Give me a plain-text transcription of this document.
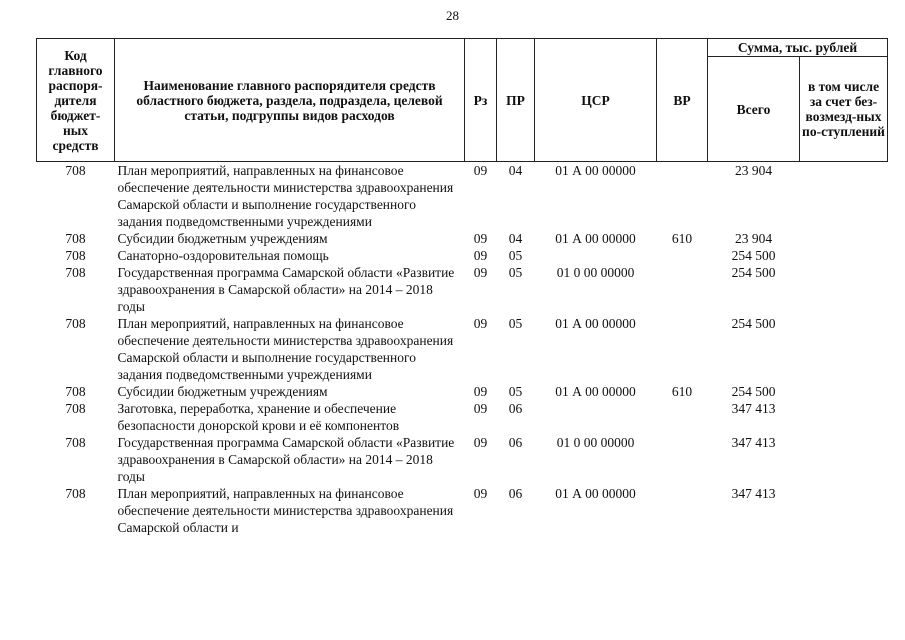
28
Код главного распоря-дителя бюджет-ных средств	Наименование главного распорядителя средств областного бюджета, раздела, подраздела, целевой статьи, подгруппы видов расходов	Рз	ПР	ЦСР	ВР	Сумма, тыс. рублей	
						Всего	в том числе за счет без-возмезд-ных по-ступлений
708	План мероприятий, направленных на финансовое обеспечение деятельности министерства здравоохранения Самарской области и выполнение государственного задания подведомственными учреждениями	09	04	01 А 00 00000		23 904	
708	Субсидии бюджетным учреждениям	09	04	01 А 00 00000	610	23 904	
708	Санаторно-оздоровительная помощь	09	05			254 500	
708	Государственная программа Самарской области «Развитие здравоохранения в Самарской области» на 2014 – 2018 годы	09	05	01 0 00 00000		254 500	
708	План мероприятий, направленных на финансовое обеспечение деятельности министерства здравоохранения Самарской области и выполнение государственного задания подведомственными учреждениями	09	05	01 А 00 00000		254 500	
708	Субсидии бюджетным учреждениям	09	05	01 А 00 00000	610	254 500	
708	Заготовка, переработка, хранение и обеспечение безопасности донорской крови и её компонентов	09	06			347 413	
708	Государственная программа Самарской области «Развитие здравоохранения в Самарской области» на 2014 – 2018 годы	09	06	01 0 00 00000		347 413	
708	План мероприятий, направленных на финансовое обеспечение деятельности министерства здравоохранения Самарской области и	09	06	01 А 00 00000		347 413	
